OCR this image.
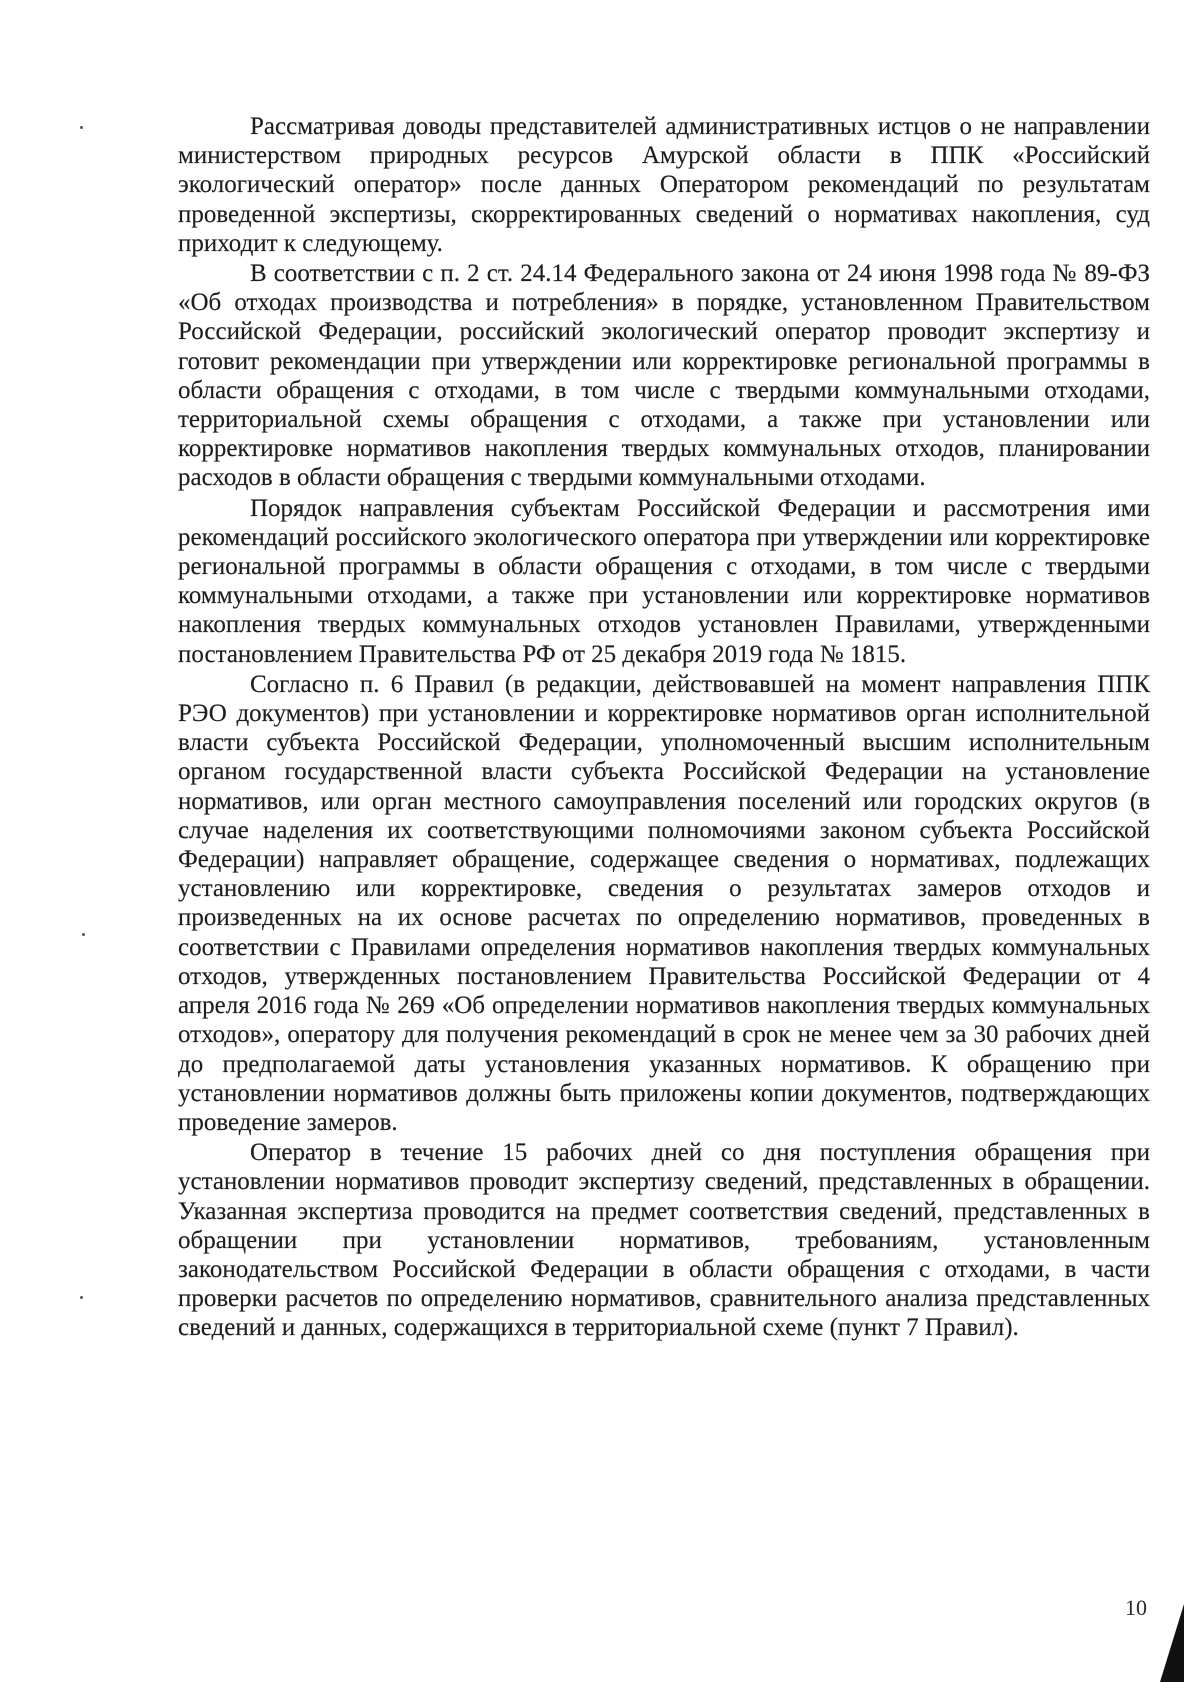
Рассматривая доводы представителей административных истцов о не направлении министерством природных ресурсов Амурской области в ППК «Российский экологический оператор» после данных Оператором рекомендаций по результатам проведенной экспертизы, скорректированных сведений о нормативах накопления, суд приходит к следующему.

В соответствии с п. 2 ст. 24.14 Федерального закона от 24 июня 1998 года № 89-ФЗ «Об отходах производства и потребления» в порядке, установленном Правительством Российской Федерации, российский экологический оператор проводит экспертизу и готовит рекомендации при утверждении или корректировке региональной программы в области обращения с отходами, в том числе с твердыми коммунальными отходами, территориальной схемы обращения с отходами, а также при установлении или корректировке нормативов накопления твердых коммунальных отходов, планировании расходов в области обращения с твердыми коммунальными отходами.

Порядок направления субъектам Российской Федерации и рассмотрения ими рекомендаций российского экологического оператора при утверждении или корректировке региональной программы в области обращения с отходами, в том числе с твердыми коммунальными отходами, а также при установлении или корректировке нормативов накопления твердых коммунальных отходов установлен Правилами, утвержденными постановлением Правительства РФ от 25 декабря 2019 года № 1815.

Согласно п. 6 Правил (в редакции, действовавшей на момент направления ППК РЭО документов) при установлении и корректировке нормативов орган исполнительной власти субъекта Российской Федерации, уполномоченный высшим исполнительным органом государственной власти субъекта Российской Федерации на установление нормативов, или орган местного самоуправления поселений или городских округов (в случае наделения их соответствующими полномочиями законом субъекта Российской Федерации) направляет обращение, содержащее сведения о нормативах, подлежащих установлению или корректировке, сведения о результатах замеров отходов и произведенных на их основе расчетах по определению нормативов, проведенных в соответствии с Правилами определения нормативов накопления твердых коммунальных отходов, утвержденных постановлением Правительства Российской Федерации от 4 апреля 2016 года № 269 «Об определении нормативов накопления твердых коммунальных отходов», оператору для получения рекомендаций в срок не менее чем за 30 рабочих дней до предполагаемой даты установления указанных нормативов. К обращению при установлении нормативов должны быть приложены копии документов, подтверждающих проведение замеров.

Оператор в течение 15 рабочих дней со дня поступления обращения при установлении нормативов проводит экспертизу сведений, представленных в обращении. Указанная экспертиза проводится на предмет соответствия сведений, представленных в обращении при установлении нормативов, требованиям, установленным законодательством Российской Федерации в области обращения с отходами, в части проверки расчетов по определению нормативов, сравнительного анализа представленных сведений и данных, содержащихся в территориальной схеме (пункт 7 Правил).

10
